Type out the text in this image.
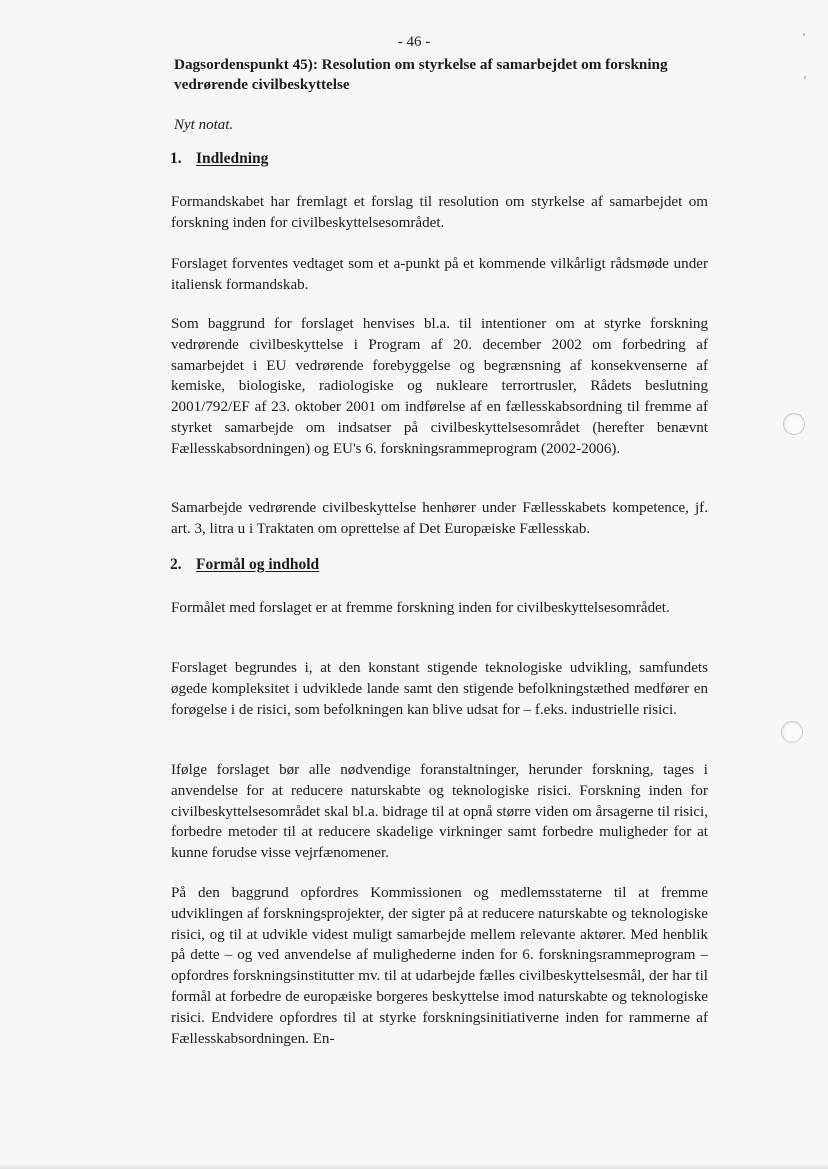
- 46 -
Dagsordenspunkt 45): Resolution om styrkelse af samarbejdet om forskning vedrørende civilbeskyttelse
Nyt notat.
1. Indledning

Formandskabet har fremlagt et forslag til resolution om styrkelse af samarbejdet om forskning inden for civilbeskyttelsesområdet.

Forslaget forventes vedtaget som et a-punkt på et kommende vilkårligt rådsmøde under italiensk formandskab.

Som baggrund for forslaget henvises bl.a. til intentioner om at styrke forskning vedrørende civilbeskyttelse i Program af 20. december 2002 om forbedring af samarbejdet i EU vedrørende forebyggelse og begrænsning af konsekvenserne af kemiske, biologiske, radiologiske og nukleare terrortrusler, Rådets beslutning 2001/792/EF af 23. oktober 2001 om indførelse af en fællesskabsordning til fremme af styrket samarbejde om indsatser på civilbeskyttelsesområdet (herefter benævnt Fællesskabsordningen) og EU's 6. forskningsrammeprogram (2002-2006).

Samarbejde vedrørende civilbeskyttelse henhører under Fællesskabets kompetence, jf. art. 3, litra u i Traktaten om oprettelse af Det Europæiske Fællesskab.

2. Formål og indhold

Formålet med forslaget er at fremme forskning inden for civilbeskyttelsesområdet.

Forslaget begrundes i, at den konstant stigende teknologiske udvikling, samfundets øgede kompleksitet i udviklede lande samt den stigende befolkningstæthed medfører en forøgelse i de risici, som befolkningen kan blive udsat for – f.eks. industrielle risici.

Ifølge forslaget bør alle nødvendige foranstaltninger, herunder forskning, tages i anvendelse for at reducere naturskabte og teknologiske risici. Forskning inden for civilbeskyttelsesområdet skal bl.a. bidrage til at opnå større viden om årsagerne til risici, forbedre metoder til at reducere skadelige virkninger samt forbedre muligheder for at kunne forudse visse vejrfænomener.

På den baggrund opfordres Kommissionen og medlemsstaterne til at fremme udviklingen af forskningsprojekter, der sigter på at reducere naturskabte og teknologiske risici, og til at udvikle videst muligt samarbejde mellem relevante aktører. Med henblik på dette – og ved anvendelse af mulighederne inden for 6. forskningsrammeprogram – opfordres forskningsinstitutter mv. til at udarbejde fælles civilbeskyttelsesmål, der har til formål at forbedre de europæiske borgeres beskyttelse imod naturskabte og teknologiske risici. Endvidere opfordres til at styrke forskningsinitiativerne inden for rammerne af Fællesskabsordningen. En-
